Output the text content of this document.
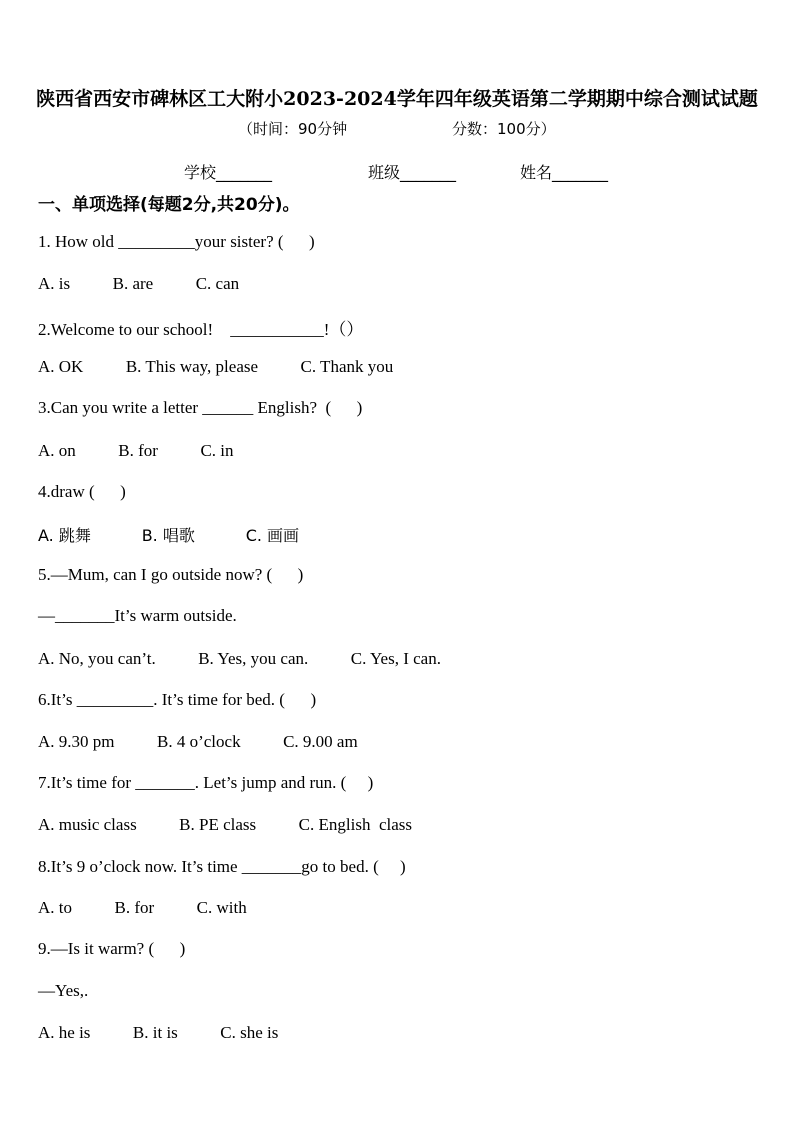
陕西省西安市碑林区工大附小2023-2024学年四年级英语第二学期期中综合测试试题
（时间：90分钟	分数：100分）
学校_______	班级_______	姓名_______
一、单项选择(每题2分,共20分)。
1. How old _________your sister? (      )
A. is          B. are          C. can
2.Welcome to our school!    ___________!（）
A. OK          B. This way, please          C. Thank you
3.Can you write a letter ______ English?  (      )
A. on          B. for          C. in
4.draw (      )
A. 跳舞          B. 唱歌          C. 画画
5.—Mum, can I go outside now? (      )
—_______It’s warm outside.
A. No, you can’t.          B. Yes, you can.          C. Yes, I can.
6.It’s _________. It’s time for bed. (      )
A. 9.30 pm          B. 4 o’clock          C. 9.00 am
7.It’s time for _______. Let’s jump and run. (     )
A. music class          B. PE class          C. English  class
8.It’s 9 o’clock now. It’s time _______go to bed. (     )
A. to          B. for          C. with
9.—Is it warm? (      )
—Yes,.
A. he is          B. it is          C. she is
